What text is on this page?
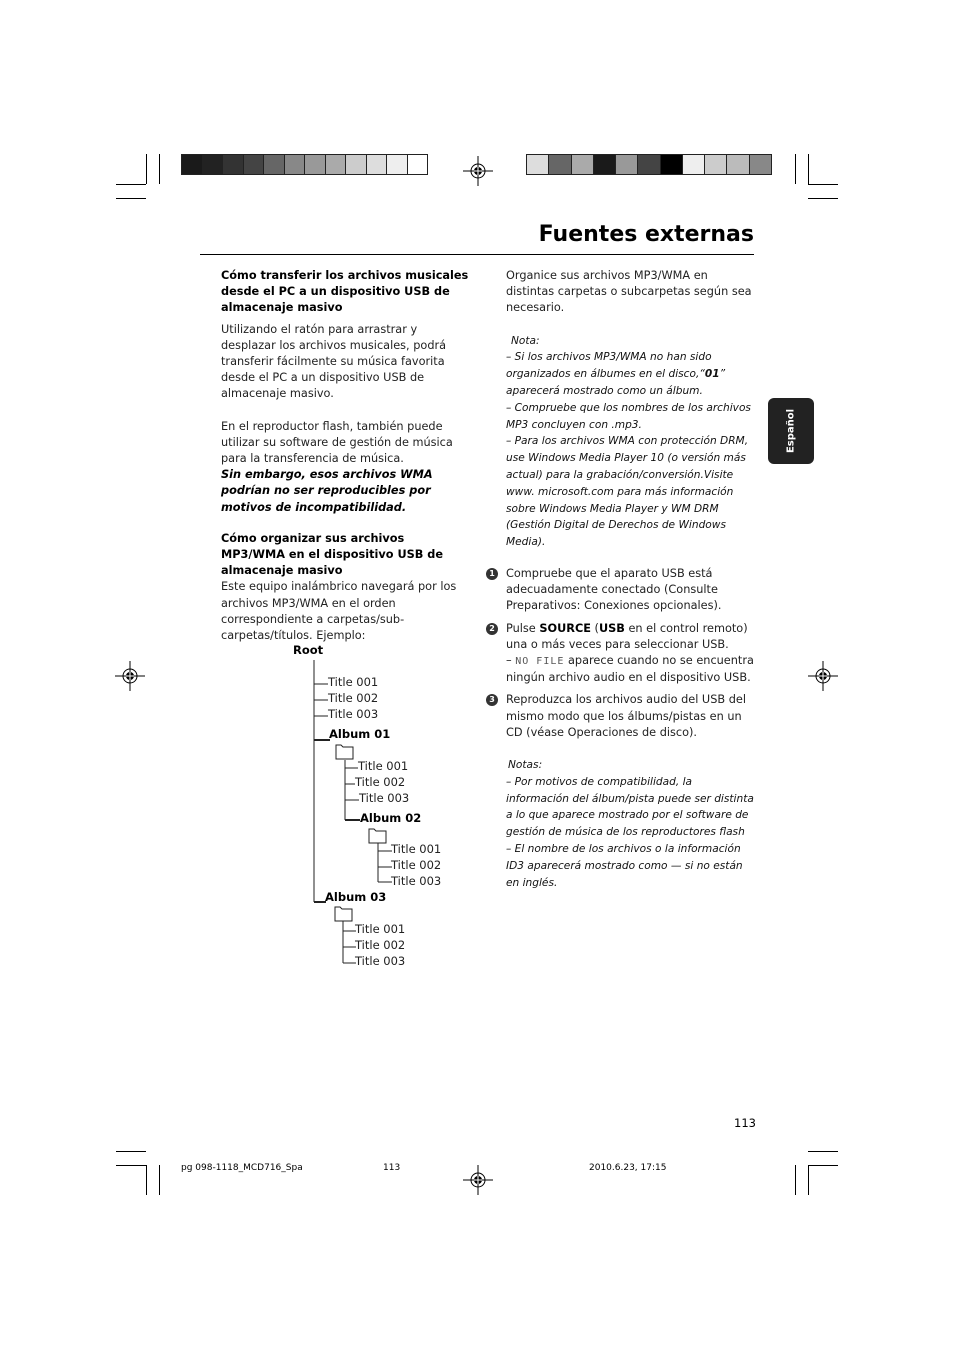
Fuentes externas
Español

Cómo transferir los archivos musicales desde el PC a un dispositivo USB de almacenaje masivo

Utilizando el ratón para arrastrar y desplazar los archivos musicales, podrá transferir fácilmente su música favorita desde el PC a un dispositivo USB de almacenaje masivo.

En el reproductor flash, también puede utilizar su software de gestión de música para la transferencia de música.

Sin embargo, esos archivos WMA podrían no ser reproducibles por motivos de incompatibilidad.

Cómo organizar sus archivos MP3/WMA en el dispositivo USB de almacenaje masivo

Este equipo inalámbrico navegará por los archivos MP3/WMA en el orden correspondiente a carpetas/sub-carpetas/títulos. Ejemplo:

Root
Title 001
Title 002
Title 003
Album 01
Title 001
Title 002
Title 003
Album 02
Title 001
Title 002
Title 003
Album 03
Title 001
Title 002
Title 003

Organice sus archivos MP3/WMA en distintas carpetas o subcarpetas según sea necesario.

Nota:

– Si los archivos MP3/WMA no han sido organizados en álbumes en el disco,“01” aparecerá mostrado como un álbum.

– Compruebe que los nombres de los archivos MP3 concluyen con .mp3.

– Para los archivos WMA con protección DRM, use Windows Media Player 10 (o versión más actual) para la grabación/conversión.Visite www. microsoft.com para más información sobre Windows Media Player y WM DRM (Gestión Digital de Derechos de Windows Media).

1 Compruebe que el aparato USB está adecuadamente conectado (Consulte Preparativos: Conexiones opcionales).

2 Pulse SOURCE (USB en el control remoto) una o más veces para seleccionar USB.
– NO FILE aparece cuando no se encuentra ningún archivo audio en el dispositivo USB.

3 Reproduzca los archivos audio del USB del mismo modo que los álbums/pistas en un CD (véase Operaciones de disco).

Notas:

– Por motivos de compatibilidad, la información del álbum/pista puede ser distinta a lo que aparece mostrado por el software de gestión de música de los reproductores flash

– El nombre de los archivos o la información ID3 aparecerá mostrado como — si no están en inglés.

113
pg 098-1118_MCD716_Spa	113	2010.6.23, 17:15
